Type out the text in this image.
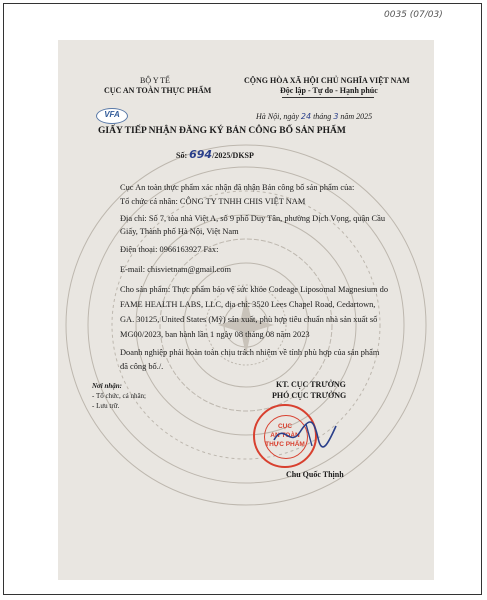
0035 (07/03)
VFA
BỘ Y TẾ
CỤC AN TOÀN THỰC PHẨM
CỘNG HÒA XÃ HỘI CHỦ NGHĨA VIỆT NAM
Độc lập - Tự do - Hạnh phúc
Hà Nội, ngày 24 tháng 3 năm 2025
GIẤY TIẾP NHẬN ĐĂNG KÝ BẢN CÔNG BỐ SẢN PHẨM
Số: 694/2025/DKSP
Cục An toàn thực phẩm xác nhận đã nhận Bản công bố sản phẩm của:
Tổ chức cá nhân: CÔNG TY TNHH CHIS VIỆT NAM
Địa chỉ: Số 7, tòa nhà Việt A, số 9 phố Duy Tân, phường Dịch Vọng, quận Cầu
Giấy, Thành phố Hà Nội, Việt Nam
Điện thoại: 0966163927 Fax:
E-mail: chisvietnam@gmail.com
Cho sản phẩm: Thực phẩm bảo vệ sức khỏe Codeage Liposomal Magnesium do
FAME HEALTH LABS, LLC, địa chỉ: 3520 Lees Chapel Road, Cedartown,
GA. 30125, United States (Mỹ) sản xuất, phù hợp tiêu chuẩn nhà sản xuất số
MG00/2023, ban hành lần 1 ngày 08 tháng 08 năm 2023
Doanh nghiệp phải hoàn toàn chịu trách nhiệm về tính phù hợp của sản phẩm
đã công bố./.
Nơi nhận:
- Tổ chức, cá nhân;
- Lưu trữ.
KT. CỤC TRƯỞNG
PHÓ CỤC TRƯỞNG
CỤC
AN TOÀN
THỰC PHẨM
Chu Quốc Thịnh
